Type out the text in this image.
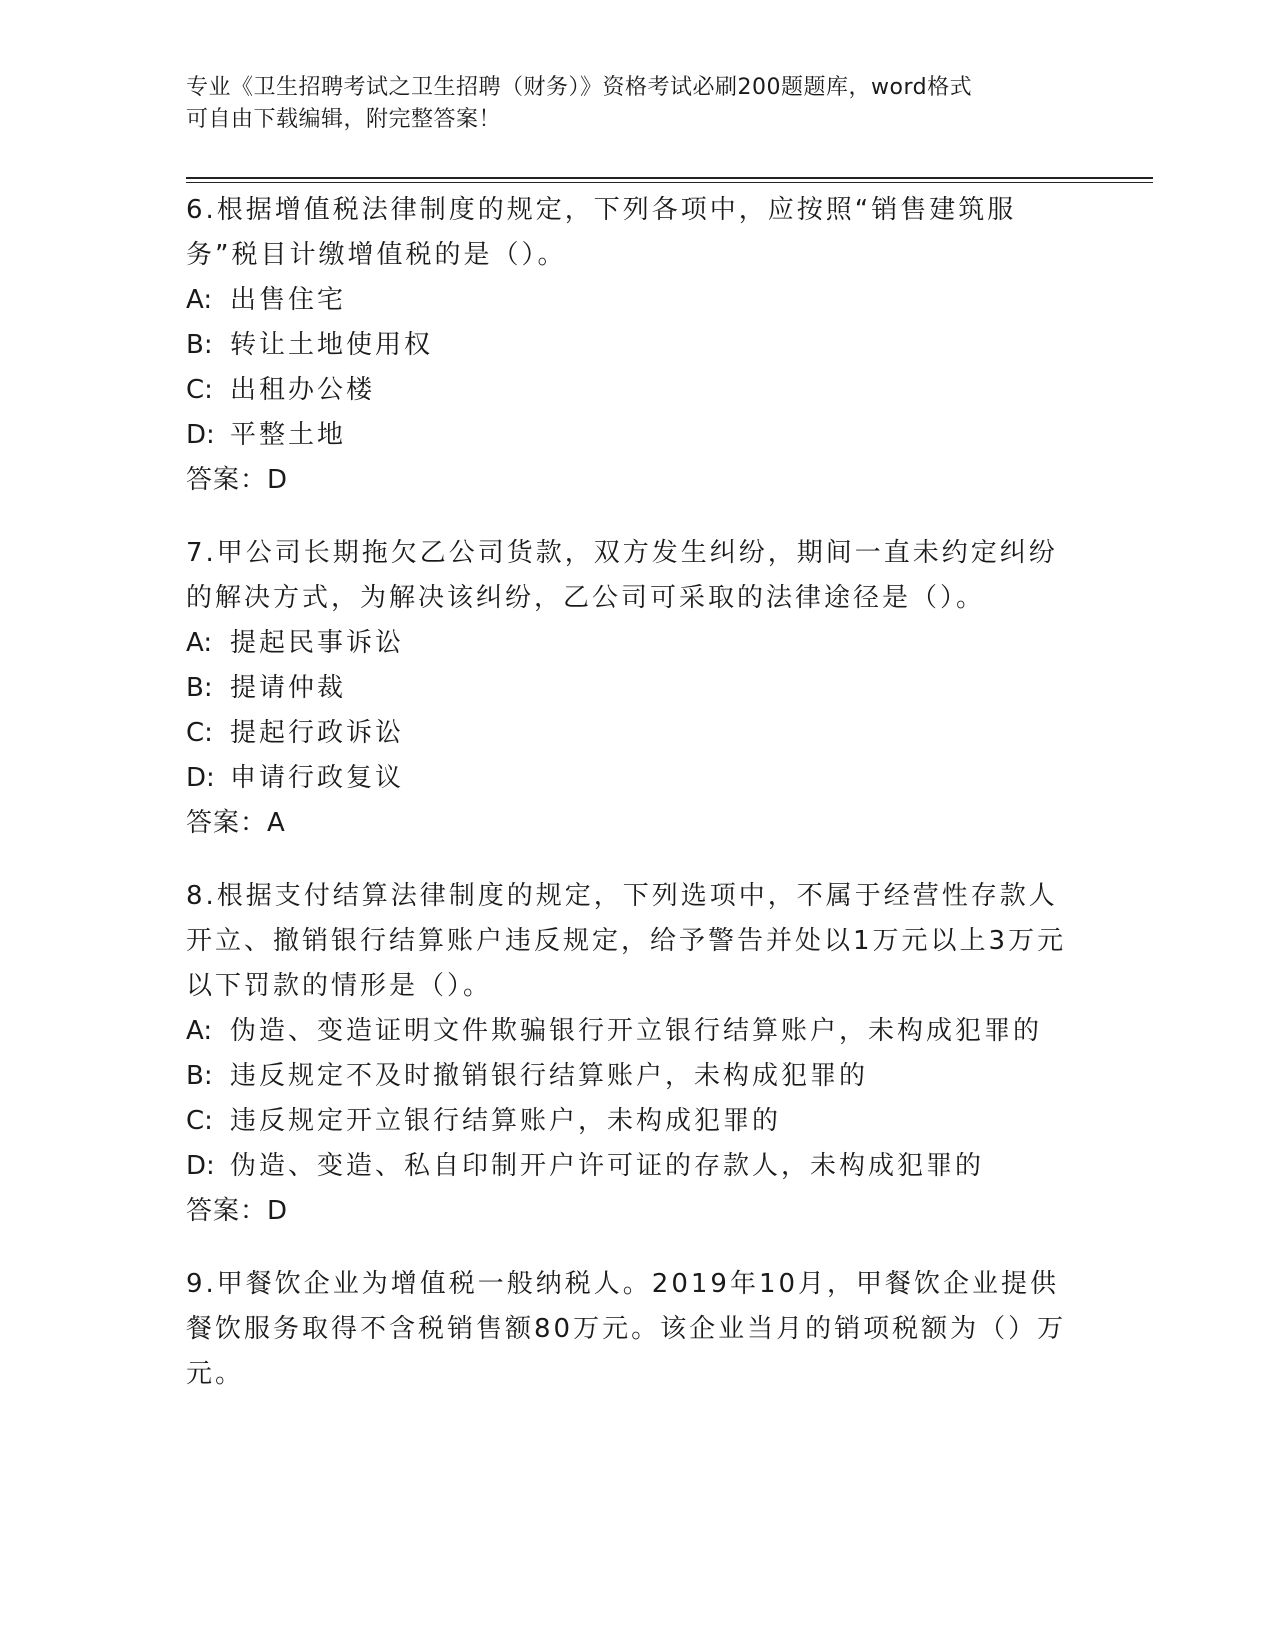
专业《卫生招聘考试之卫生招聘（财务）》资格考试必刷200题题库，word格式
可自由下载编辑，附完整答案！

6.根据增值税法律制度的规定，下列各项中，应按照“销售建筑服务”税目计缴增值税的是（）。

A: 出售住宅

B: 转让土地使用权

C: 出租办公楼

D: 平整土地

答案：D

7.甲公司长期拖欠乙公司货款，双方发生纠纷，期间一直未约定纠纷的解决方式，为解决该纠纷，乙公司可采取的法律途径是（）。

A: 提起民事诉讼

B: 提请仲裁

C: 提起行政诉讼

D: 申请行政复议

答案：A

8.根据支付结算法律制度的规定，下列选项中，不属于经营性存款人开立、撤销银行结算账户违反规定，给予警告并处以1万元以上3万元以下罚款的情形是（）。

A: 伪造、变造证明文件欺骗银行开立银行结算账户，未构成犯罪的

B: 违反规定不及时撤销银行结算账户，未构成犯罪的

C: 违反规定开立银行结算账户，未构成犯罪的

D: 伪造、变造、私自印制开户许可证的存款人，未构成犯罪的

答案：D

9.甲餐饮企业为增值税一般纳税人。2019年10月，甲餐饮企业提供餐饮服务取得不含税销售额80万元。该企业当月的销项税额为（）万元。
